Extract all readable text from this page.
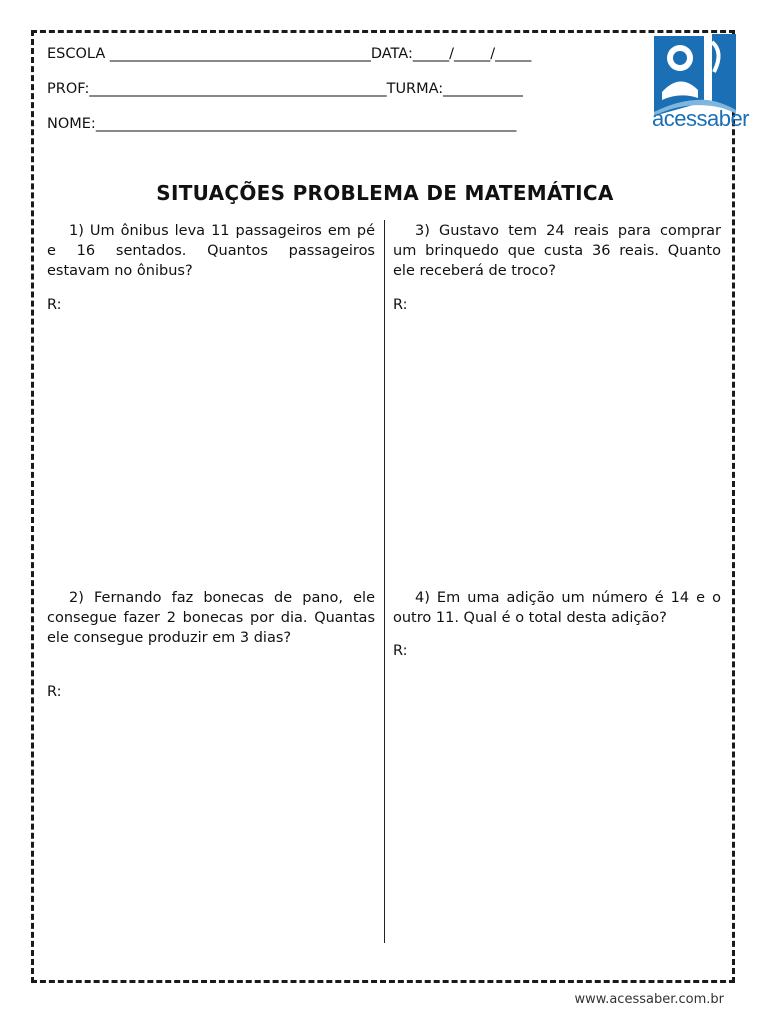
ESCOLA ____________________________________DATA:_____/_____/_____
PROF:_________________________________________TURMA:___________
NOME:__________________________________________________________	acessaber
SITUAÇÕES PROBLEMA DE MATEMÁTICA
1) Um ônibus leva 11 passageiros em pé e 16 sentados. Quantos passageiros estavam no ônibus?
R:
3) Gustavo tem 24 reais para comprar um brinquedo que custa 36 reais. Quanto ele receberá de troco?
R:
2) Fernando faz bonecas de pano, ele consegue fazer 2 bonecas por dia. Quantas ele consegue produzir em 3 dias?
R:
4) Em uma adição um número é 14 e o outro 11. Qual é o total desta adição?
R:
www.acessaber.com.br
